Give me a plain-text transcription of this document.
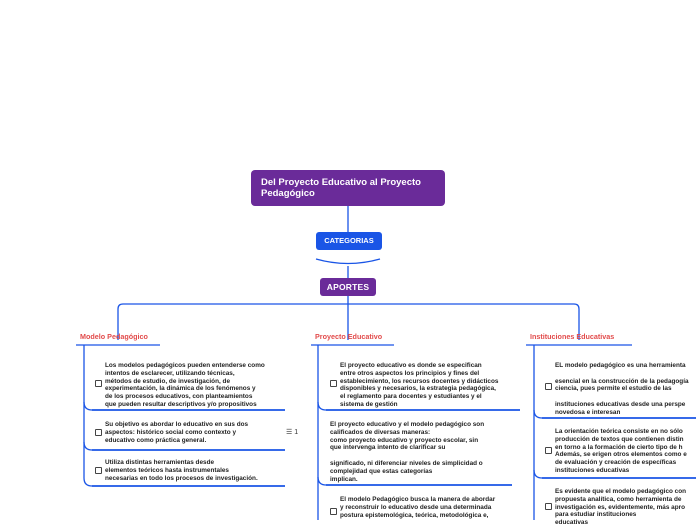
Del Proyecto Educativo al Proyecto Pedagógico
CATEGORIAS
APORTES
Modelo Pedagógico
Los modelos pedagógicos pueden entenderse como
intentos de esclarecer, utilizando técnicas,
métodos de estudio, de investigación, de
experimentación, la dinámica de los fenómenos y
de los procesos educativos, con planteamientos
que pueden resultar descriptivos y/o propositivos
Su objetivo es abordar lo educativo en sus dos
aspectos: histórico social como contexto y
educativo como práctica general.
☰ 1
Utiliza distintas herramientas desde
elementos teóricos hasta instrumentales
necesarias en todo los procesos de investigación.
Proyecto Educativo
El proyecto educativo es donde se especifican
entre otros aspectos los principios y fines del
establecimiento, los recursos docentes y didácticos
disponibles y necesarios, la estrategia pedagógica,
el reglamento para docentes y estudiantes y el
sistema de gestión
El proyecto educativo y el modelo pedagógico son
calificados de diversas maneras:
como proyecto educativo y proyecto escolar, sin
que intervenga intento de clarificar su

significado, ni diferenciar niveles de simplicidad o
complejidad que estas categorías
implican.
El modelo Pedagógico busca la manera de abordar
y reconstruir lo educativo desde una determinada
postura epistemológica, teórica, metodológica e,
Instituciones Educativas
EL modelo pedagógico es una herramienta

esencial en la construcción de la pedagogía
ciencia, pues permite el estudio de las

instituciones educativas desde una perspe
novedosa e interesan
La orientación teórica consiste en no sólo
producción de textos que contienen distin
en torno a la formación de cierto tipo de h
Además, se erigen otros elementos como e
de evaluación y creación de específicas
instituciones educativas
Es evidente que el modelo pedagógico con
propuesta analítica, como herramienta de
investigación es, evidentemente, más apro
para estudiar instituciones
educativas
